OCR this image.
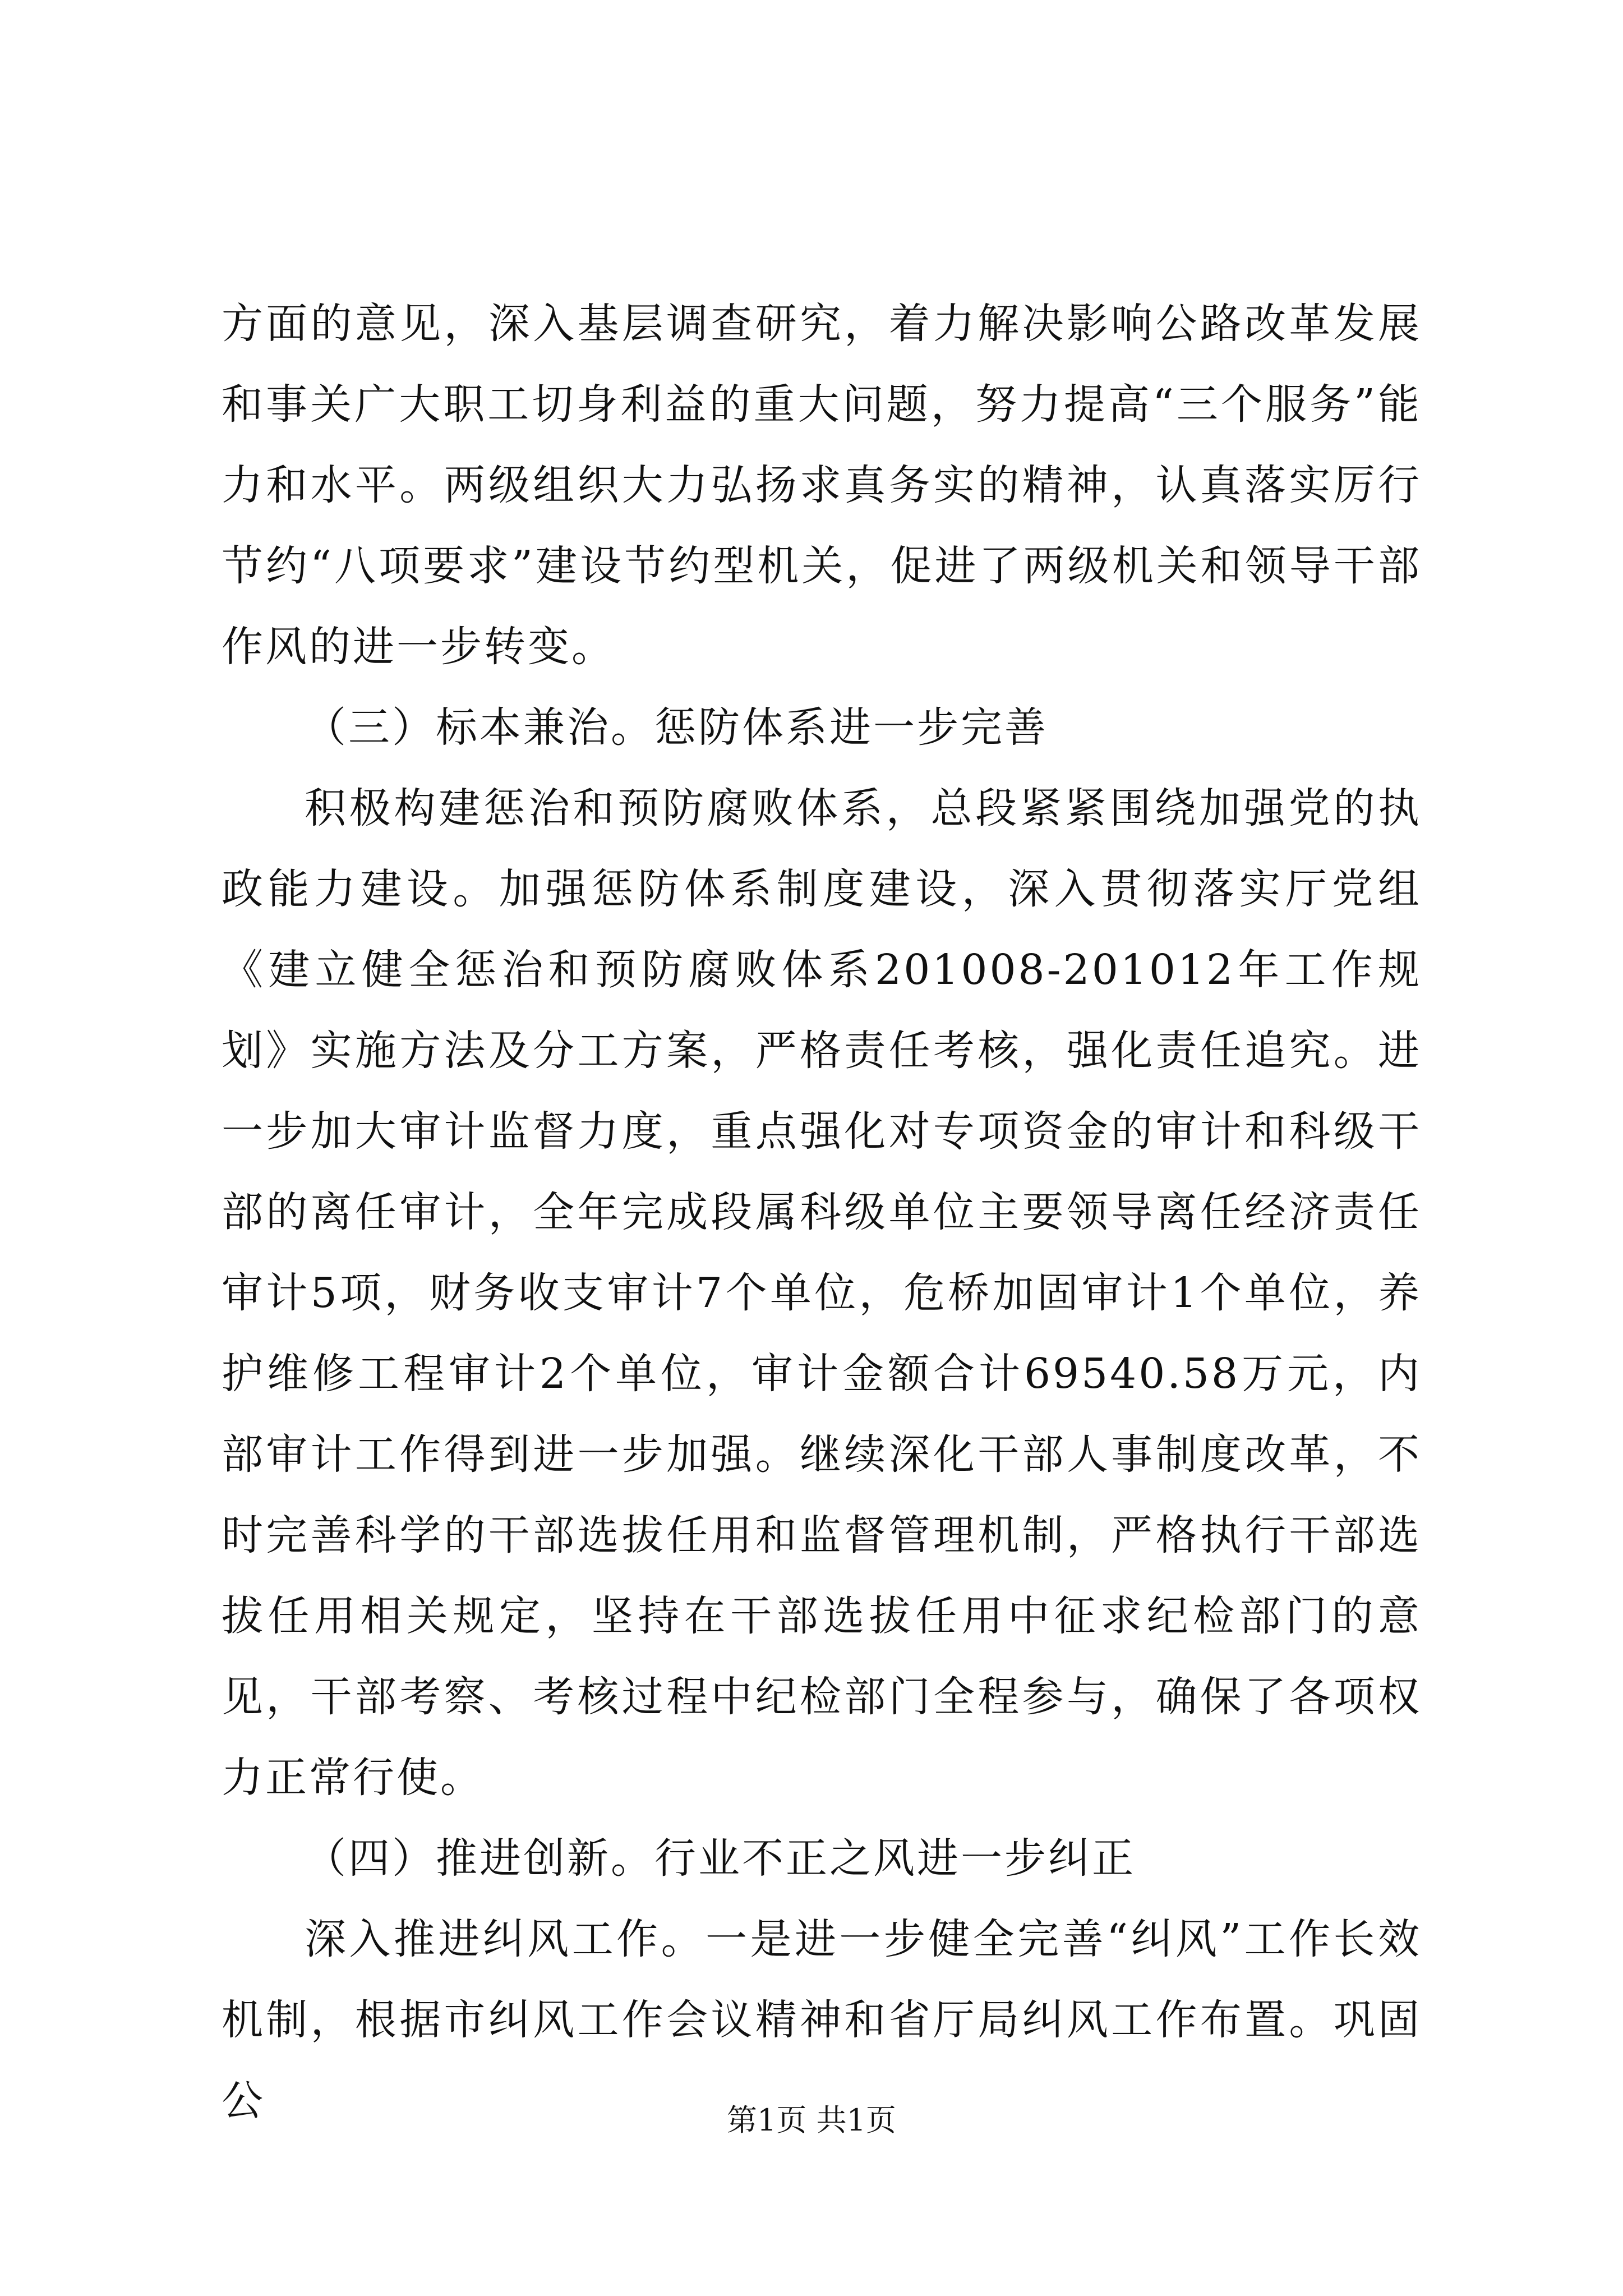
方面的意见，深入基层调查研究，着力解决影响公路改革发展和事关广大职工切身利益的重大问题，努力提高“三个服务”能力和水平。两级组织大力弘扬求真务实的精神，认真落实厉行节约“八项要求”建设节约型机关，促进了两级机关和领导干部作风的进一步转变。

（三）标本兼治。惩防体系进一步完善

积极构建惩治和预防腐败体系，总段紧紧围绕加强党的执政能力建设。加强惩防体系制度建设，深入贯彻落实厅党组《建立健全惩治和预防腐败体系201008-201012年工作规划》实施方法及分工方案，严格责任考核，强化责任追究。进一步加大审计监督力度，重点强化对专项资金的审计和科级干部的离任审计，全年完成段属科级单位主要领导离任经济责任审计5项，财务收支审计7个单位，危桥加固审计1个单位，养护维修工程审计2个单位，审计金额合计69540.58万元，内部审计工作得到进一步加强。继续深化干部人事制度改革，不时完善科学的干部选拔任用和监督管理机制，严格执行干部选拔任用相关规定，坚持在干部选拔任用中征求纪检部门的意见，干部考察、考核过程中纪检部门全程参与，确保了各项权力正常行使。

（四）推进创新。行业不正之风进一步纠正

深入推进纠风工作。一是进一步健全完善“纠风”工作长效机制，根据市纠风工作会议精神和省厅局纠风工作布置。巩固公	第1页 共1页
